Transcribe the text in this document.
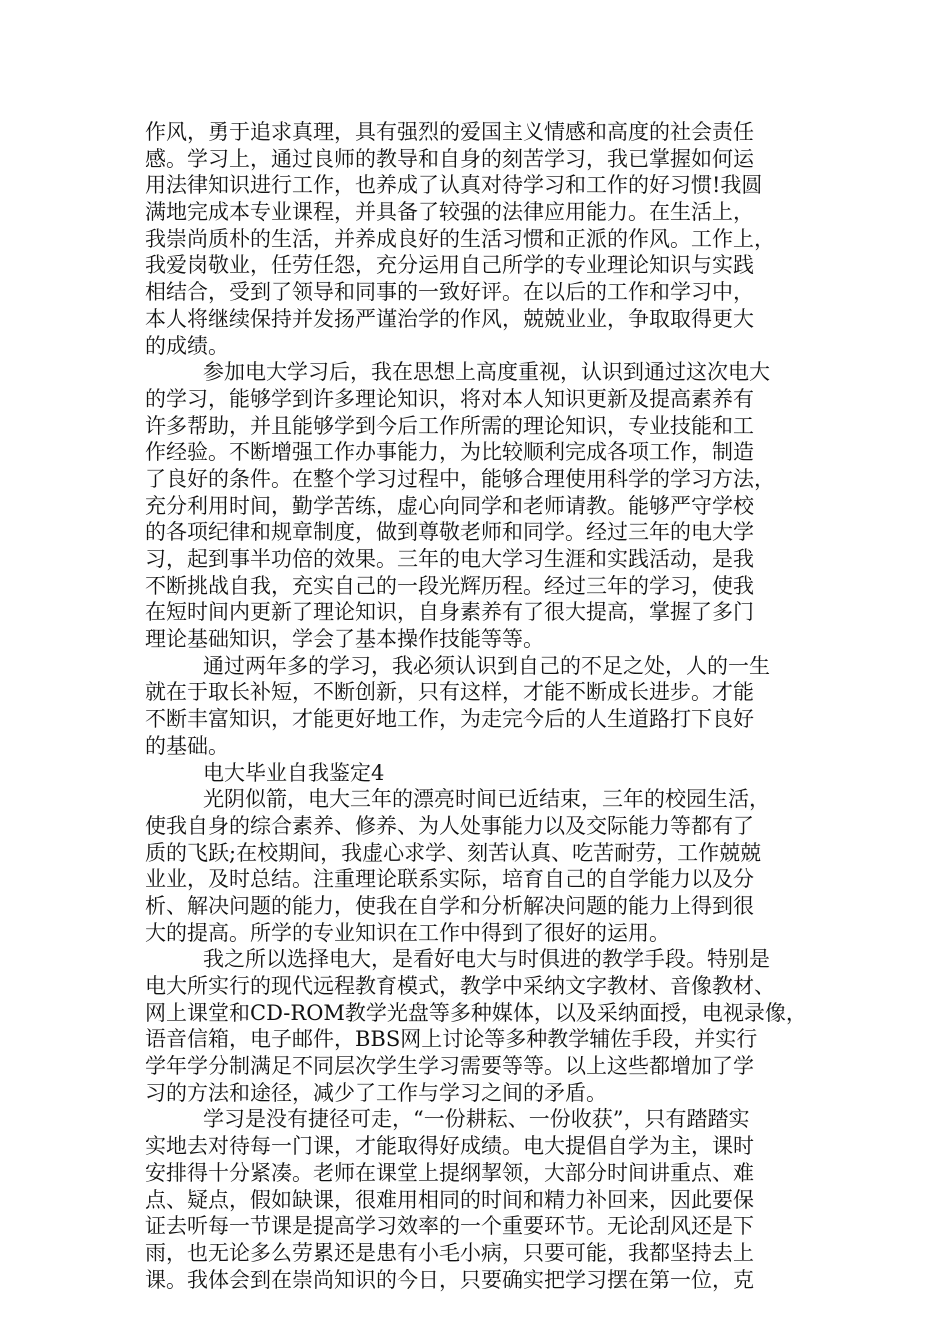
作风，勇于追求真理，具有强烈的爱国主义情感和高度的社会责任
感。学习上，通过良师的教导和自身的刻苦学习，我已掌握如何运
用法律知识进行工作，也养成了认真对待学习和工作的好习惯!我圆
满地完成本专业课程，并具备了较强的法律应用能力。在生活上，
我崇尚质朴的生活，并养成良好的生活习惯和正派的作风。工作上，
我爱岗敬业，任劳任怨，充分运用自己所学的专业理论知识与实践
相结合，受到了领导和同事的一致好评。在以后的工作和学习中，
本人将继续保持并发扬严谨治学的作风，兢兢业业，争取取得更大
的成绩。
参加电大学习后，我在思想上高度重视，认识到通过这次电大
的学习，能够学到许多理论知识，将对本人知识更新及提高素养有
许多帮助，并且能够学到今后工作所需的理论知识，专业技能和工
作经验。不断增强工作办事能力，为比较顺利完成各项工作，制造
了良好的条件。在整个学习过程中，能够合理使用科学的学习方法，
充分利用时间，勤学苦练，虚心向同学和老师请教。能够严守学校
的各项纪律和规章制度，做到尊敬老师和同学。经过三年的电大学
习，起到事半功倍的效果。三年的电大学习生涯和实践活动，是我
不断挑战自我，充实自己的一段光辉历程。经过三年的学习，使我
在短时间内更新了理论知识，自身素养有了很大提高，掌握了多门
理论基础知识，学会了基本操作技能等等。
通过两年多的学习，我必须认识到自己的不足之处，人的一生
就在于取长补短，不断创新，只有这样，才能不断成长进步。才能
不断丰富知识，才能更好地工作，为走完今后的人生道路打下良好
的基础。
电大毕业自我鉴定4
光阴似箭，电大三年的漂亮时间已近结束，三年的校园生活，
使我自身的综合素养、修养、为人处事能力以及交际能力等都有了
质的飞跃;在校期间，我虚心求学、刻苦认真、吃苦耐劳，工作兢兢
业业，及时总结。注重理论联系实际，培育自己的自学能力以及分
析、解决问题的能力，使我在自学和分析解决问题的能力上得到很
大的提高。所学的专业知识在工作中得到了很好的运用。
我之所以选择电大，是看好电大与时俱进的教学手段。特别是
电大所实行的现代远程教育模式，教学中采纳文字教材、音像教材、
网上课堂和CD-ROM教学光盘等多种媒体，以及采纳面授，电视录像，
语音信箱，电子邮件，BBS网上讨论等多种教学辅佐手段，并实行
学年学分制满足不同层次学生学习需要等等。以上这些都增加了学
习的方法和途径，减少了工作与学习之间的矛盾。
学习是没有捷径可走，“一份耕耘、一份收获”，只有踏踏实
实地去对待每一门课，才能取得好成绩。电大提倡自学为主，课时
安排得十分紧凑。老师在课堂上提纲挈领，大部分时间讲重点、难
点、疑点，假如缺课，很难用相同的时间和精力补回来，因此要保
证去听每一节课是提高学习效率的一个重要环节。无论刮风还是下
雨，也无论多么劳累还是患有小毛小病，只要可能，我都坚持去上
课。我体会到在崇尚知识的今日，只要确实把学习摆在第一位，克
